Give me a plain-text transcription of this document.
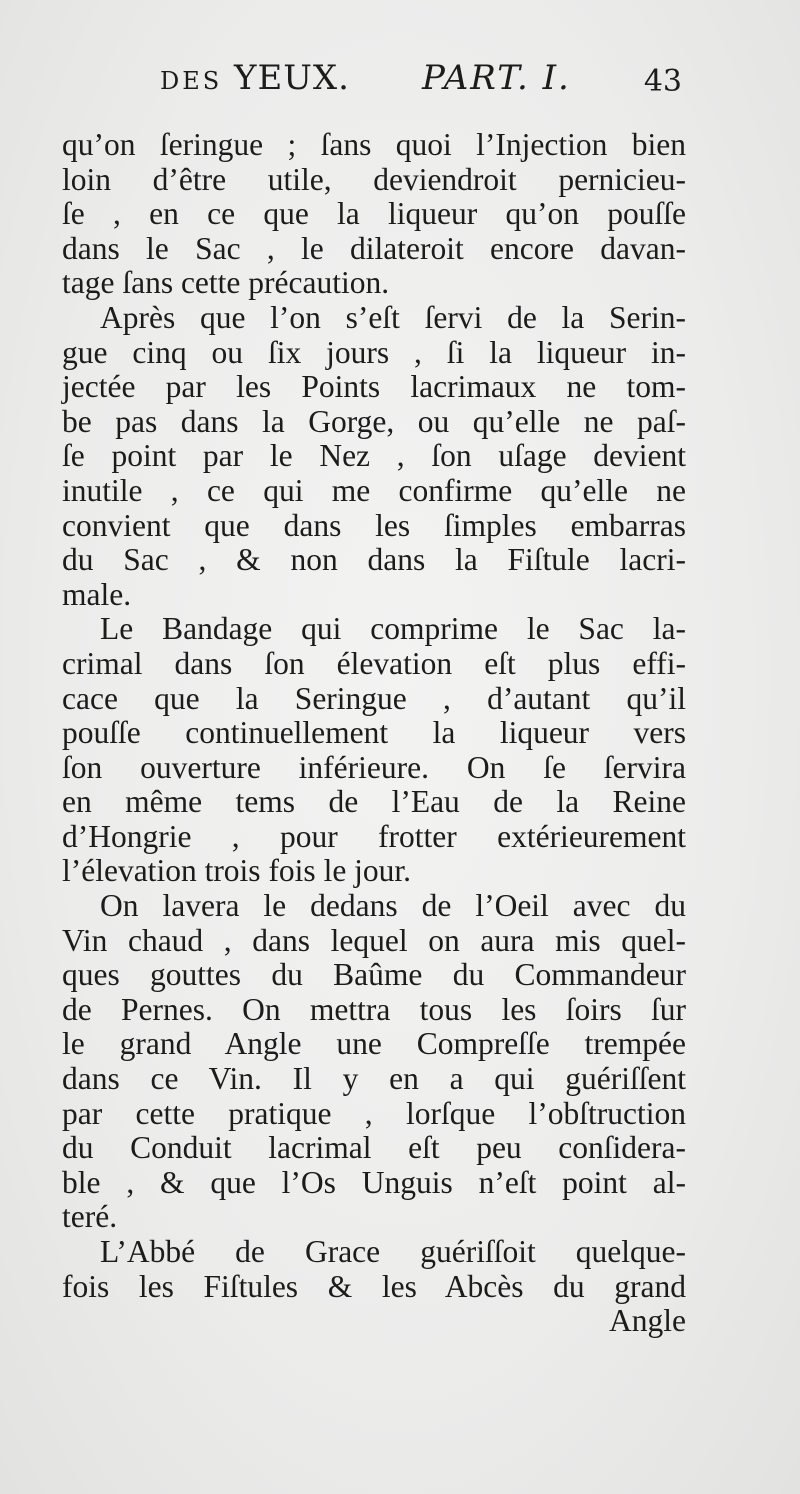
DES YEUX. PART. I. 43
qu’on ſeringue ; ſans quoi l’Injection bien
loin d’être utile, deviendroit pernicieu-
ſe , en ce que la liqueur qu’on pouſſe
dans le Sac , le dilateroit encore davan-
tage ſans cette précaution.
Après que l’on s’eſt ſervi de la Serin-
gue cinq ou ſix jours , ſi la liqueur in-
jectée par les Points lacrimaux ne tom-
be pas dans la Gorge, ou qu’elle ne paſ-
ſe point par le Nez , ſon uſage devient
inutile , ce qui me confirme qu’elle ne
convient que dans les ſimples embarras
du Sac , & non dans la Fiſtule lacri-
male.
Le Bandage qui comprime le Sac la-
crimal dans ſon élevation eſt plus effi-
cace que la Seringue , d’autant qu’il
pouſſe continuellement la liqueur vers
ſon ouverture inférieure. On ſe ſervira
en même tems de l’Eau de la Reine
d’Hongrie , pour frotter extérieurement
l’élevation trois fois le jour.
On lavera le dedans de l’Oeil avec du
Vin chaud , dans lequel on aura mis quel-
ques gouttes du Baûme du Commandeur
de Pernes. On mettra tous les ſoirs ſur
le grand Angle une Compreſſe trempée
dans ce Vin. Il y en a qui guériſſent
par cette pratique , lorſque l’obſtruction
du Conduit lacrimal eſt peu conſidera-
ble , & que l’Os Unguis n’eſt point al-
teré.
L’Abbé de Grace guériſſoit quelque-
fois les Fiſtules & les Abcès du grand
Angle
